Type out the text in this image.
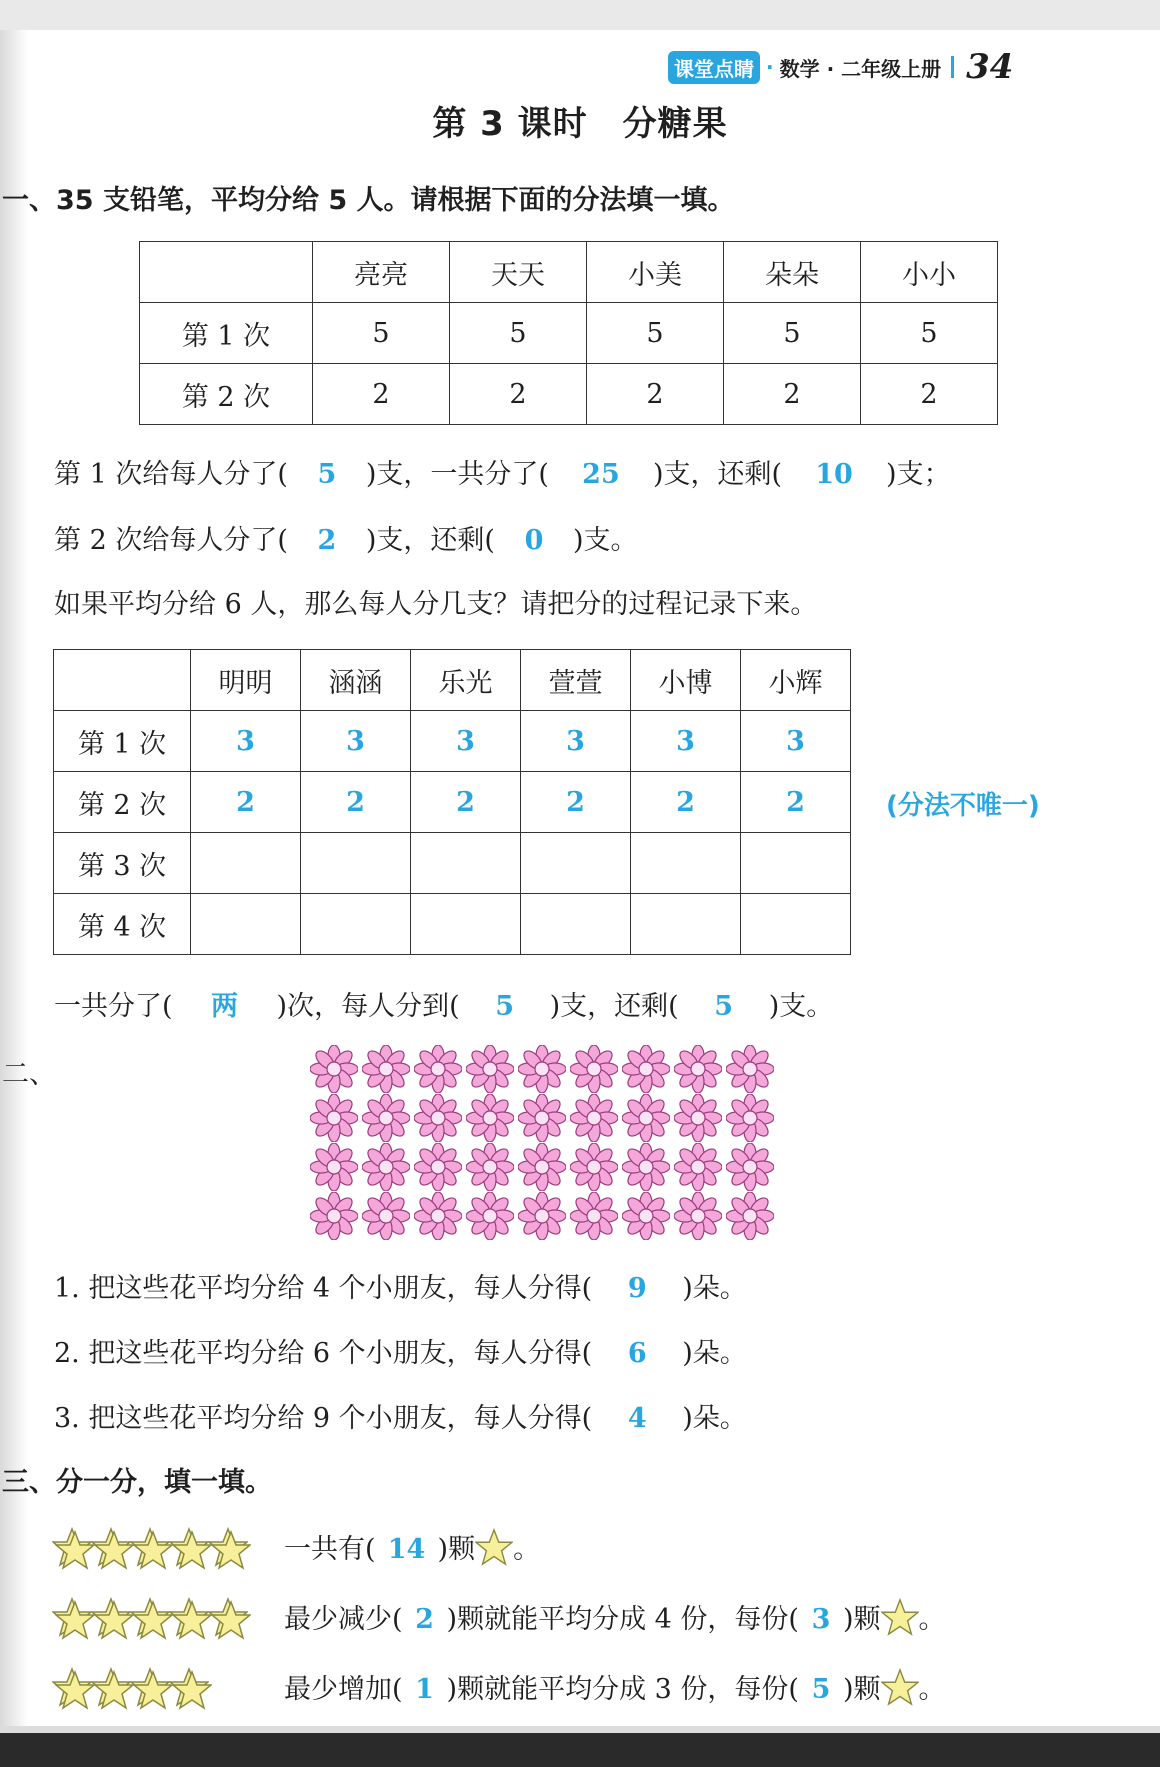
课堂点睛 · 数学 · 二年级上册 34
第 3 课时　分糖果
一、35 支铅笔，平均分给 5 人。请根据下面的分法填一填。
	亮亮	天天	小美	朵朵	小小
第 1 次	5	5	5	5	5
第 2 次	2	2	2	2	2
第 1 次给每人分了( 5 )支，一共分了( 25 )支，还剩( 10 )支；
第 2 次给每人分了( 2 )支，还剩( 0 )支。
如果平均分给 6 人，那么每人分几支？请把分的过程记录下来。
	明明	涵涵	乐光	萱萱	小博	小辉
第 1 次	3	3	3	3	3	3
第 2 次	2	2	2	2	2	2
第 3 次						
第 4 次						
(分法不唯一)
一共分了( 两 )次，每人分到( 5 )支，还剩( 5 )支。
二、
1. 把这些花平均分给 4 个小朋友，每人分得( 9 )朵。
2. 把这些花平均分给 6 个小朋友，每人分得( 6 )朵。
3. 把这些花平均分给 9 个小朋友，每人分得( 4 )朵。
三、分一分，填一填。
一共有( 14 )颗 。
最少减少( 2 )颗就能平均分成 4 份，每份( 3 )颗 。
最少增加( 1 )颗就能平均分成 3 份，每份( 5 )颗 。
